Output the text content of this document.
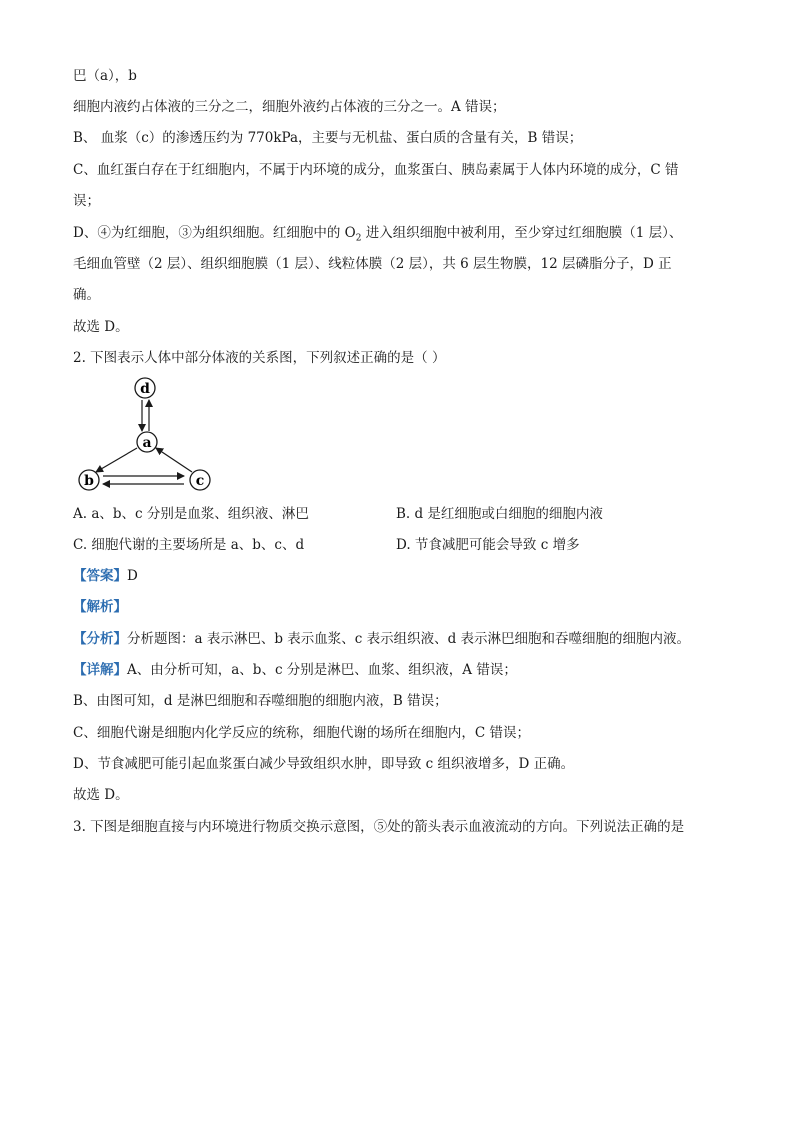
巴（a），b
细胞内液约占体液的三分之二，细胞外液约占体液的三分之一。A 错误；
B、 血浆（c）的渗透压约为 770kPa，主要与无机盐、蛋白质的含量有关，B 错误；
C、血红蛋白存在于红细胞内，不属于内环境的成分，血浆蛋白、胰岛素属于人体内环境的成分，C 错
误；
D、④为红细胞，③为组织细胞。红细胞中的 $O_2$ 进入组织细胞中被利用，至少穿过红细胞膜（1 层）、
毛细血管壁（2 层）、组织细胞膜（1 层）、线粒体膜（2 层），共 6 层生物膜，12 层磷脂分子，D 正
确。
故选 D。
2. 下图表示人体中部分体液的关系图，下列叙述正确的是（ ）
d
a
b	c
A. a、b、c 分别是血浆、组织液、淋巴	B. d 是红细胞或白细胞的细胞内液
C. 细胞代谢的主要场所是 a、b、c、d	D. 节食减肥可能会导致 c 增多
【答案】D
【解析】
【分析】分析题图：a 表示淋巴、b 表示血浆、c 表示组织液、d 表示淋巴细胞和吞噬细胞的细胞内液。
【详解】A、由分析可知，a、b、c 分别是淋巴、血浆、组织液，A 错误；
B、由图可知，d 是淋巴细胞和吞噬细胞的细胞内液，B 错误；
C、细胞代谢是细胞内化学反应的统称，细胞代谢的场所在细胞内，C 错误；
D、节食减肥可能引起血浆蛋白减少导致组织水肿，即导致 c 组织液增多，D 正确。
故选 D。
3. 下图是细胞直接与内环境进行物质交换示意图，⑤处的箭头表示血液流动的方向。下列说法正确的是
